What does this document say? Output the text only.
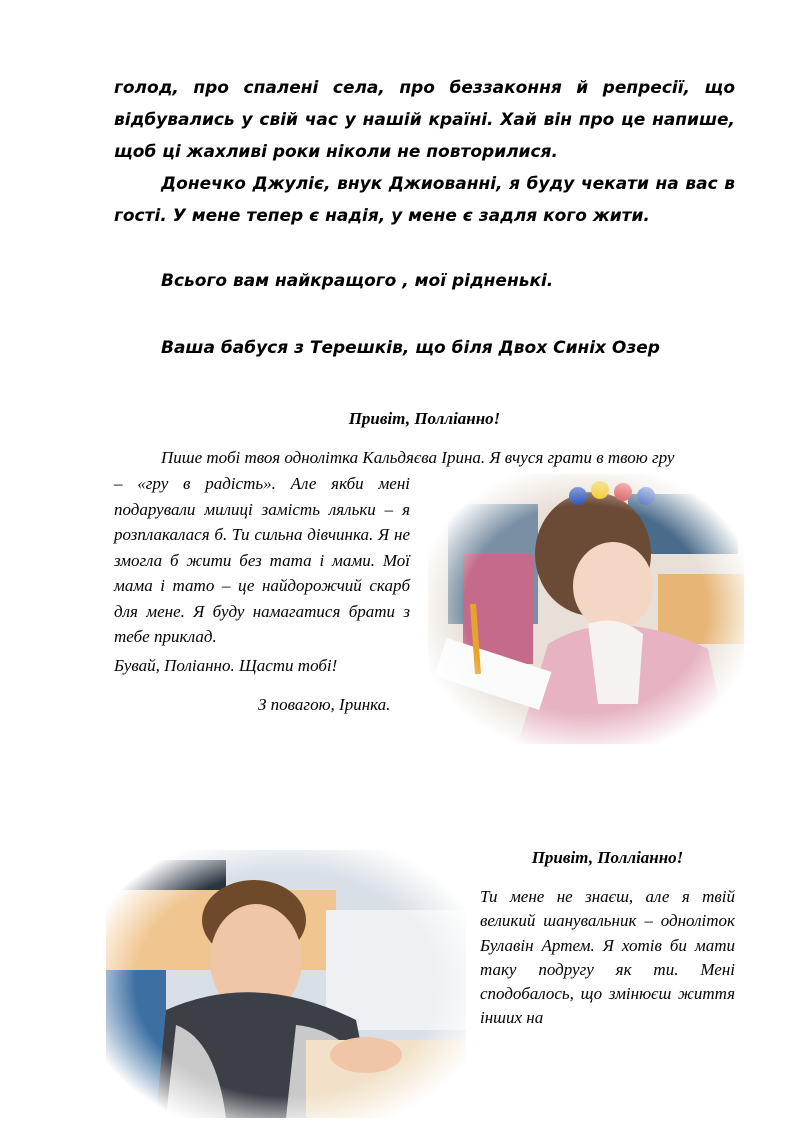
голод, про спалені села, про беззаконня й репресії, що відбувались у свій час у нашій країні. Хай він про це напише, щоб ці жахливі роки ніколи не повторилися.

Донечко Джуліє, внук Джиованні, я буду чекати на вас в гості. У мене тепер є надія, у мене є задля кого жити.

Всього вам найкращого , мої рідненькі.

Ваша бабуся з Терешків, що біля Двох Синіх Озер

Привіт, Поллiанно!

Пише тобі твоя однолітка Кальдяєва Ірина. Я вчуся грати в твою гру

– «гру в радість». Але якби мені подарували милиці замість ляльки – я розплакалася б. Ти сильна дівчинка. Я не змогла б жити без тата і мами. Мої мама і тато – це найдорожчий скарб для мене. Я буду намагатися брати з тебе приклад.

Бувай, Поліанно. Щасти тобі!

З повагою, Іринка.

Привіт, Поллiанно!

Ти мене не знаєш, але я твій великий шанувальник – одноліток Булавін Артем. Я хотів би мати таку подругу як ти. Мені сподобалось, що змінюєш життя інших на
